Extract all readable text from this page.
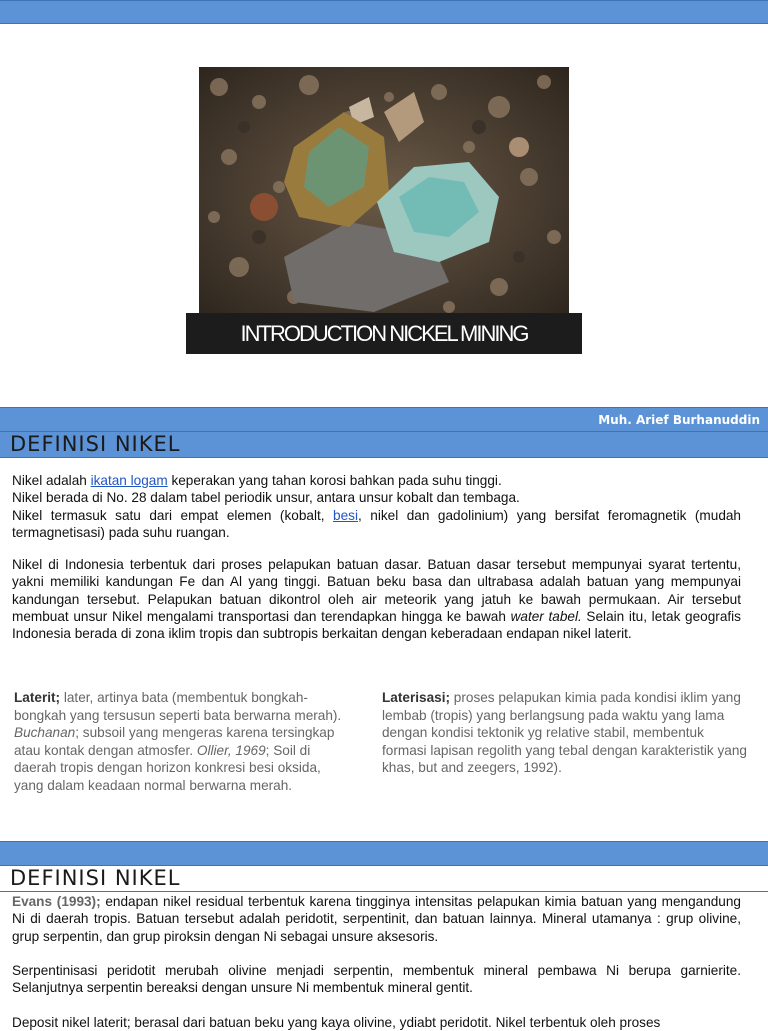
INTRODUCTION NICKEL MINING
Muh. Arief Burhanuddin
DEFINISI NIKEL
Nikel adalah ikatan logam keperakan yang tahan korosi bahkan pada suhu tinggi.
Nikel berada di No. 28 dalam tabel periodik unsur, antara unsur kobalt dan tembaga.
Nikel termasuk satu dari empat elemen (kobalt, besi, nikel dan gadolinium) yang bersifat feromagnetik (mudah termagnetisasi) pada suhu ruangan.
Nikel di Indonesia terbentuk dari proses pelapukan batuan dasar. Batuan dasar tersebut mempunyai syarat tertentu, yakni memiliki kandungan Fe dan Al yang tinggi. Batuan beku basa dan ultrabasa adalah batuan yang mempunyai kandungan tersebut. Pelapukan batuan dikontrol oleh air meteorik yang jatuh ke bawah permukaan. Air tersebut membuat unsur Nikel mengalami transportasi dan terendapkan hingga ke bawah water tabel. Selain itu, letak geografis Indonesia berada di zona iklim tropis dan subtropis berkaitan dengan keberadaan endapan nikel laterit.
Laterit; later, artinya bata (membentuk bongkah-bongkah yang tersusun seperti bata berwarna merah). Buchanan; subsoil yang mengeras karena tersingkap atau kontak dengan atmosfer. Ollier, 1969; Soil di daerah tropis dengan horizon konkresi besi oksida, yang dalam keadaan normal berwarna merah.
Laterisasi; proses pelapukan kimia pada kondisi iklim yang lembab (tropis) yang berlangsung pada waktu yang lama dengan kondisi tektonik yg relative stabil, membentuk formasi lapisan regolith yang tebal dengan karakteristik yang khas, but and zeegers, 1992).
DEFINISI NIKEL
Evans (1993); endapan nikel residual terbentuk karena tingginya intensitas pelapukan kimia batuan yang mengandung Ni di daerah tropis. Batuan tersebut adalah peridotit, serpentinit, dan batuan lainnya. Mineral utamanya : grup olivine, grup serpentin, dan grup piroksin dengan Ni sebagai unsure aksesoris.
Serpentinisasi peridotit merubah olivine menjadi serpentin, membentuk mineral pembawa Ni berupa garnierite. Selanjutnya serpentin bereaksi dengan unsure Ni membentuk mineral gentit.
Deposit nikel laterit; berasal dari batuan beku yang kaya olivine, ydiabt peridotit. Nikel terbentuk oleh proses
